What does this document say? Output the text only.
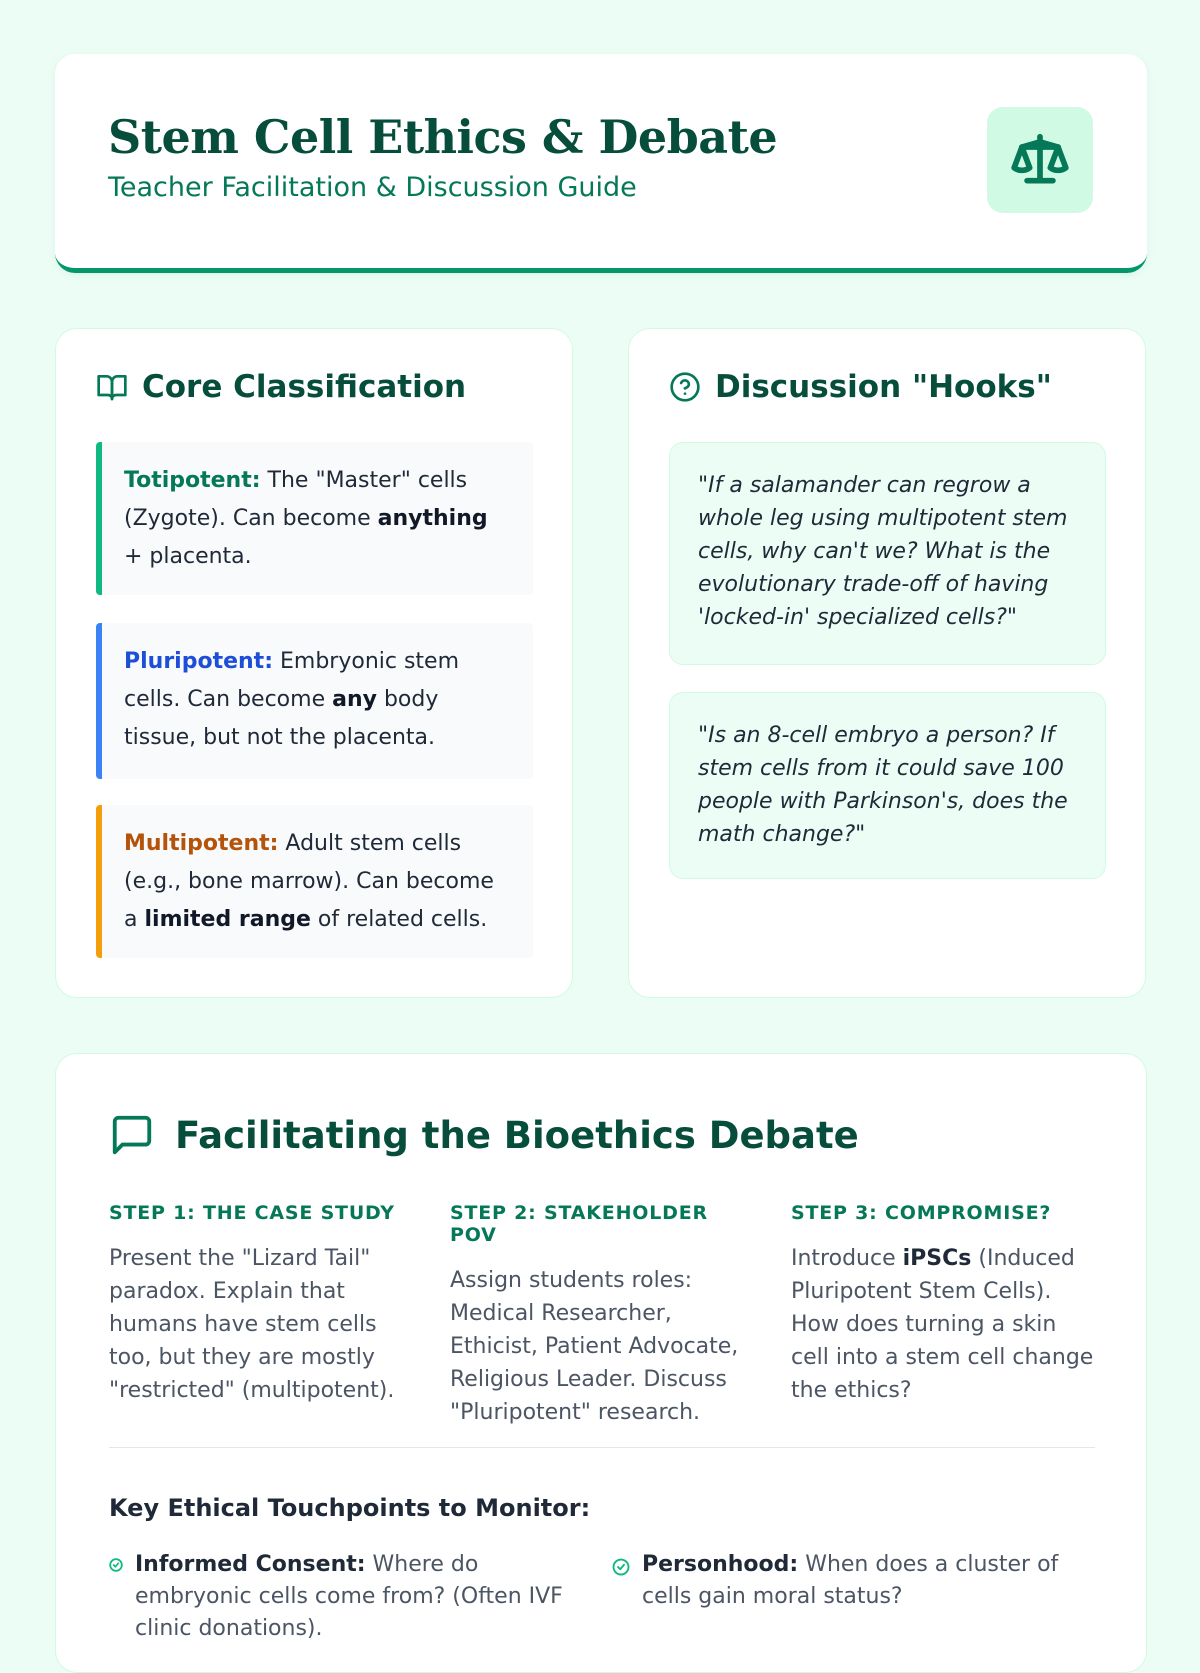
Stem Cell Ethics & Debate
Teacher Facilitation & Discussion Guide
Core Classification
Totipotent: The "Master" cells (Zygote). Can become anything + placenta.
Pluripotent: Embryonic stem cells. Can become any body tissue, but not the placenta.
Multipotent: Adult stem cells (e.g., bone marrow). Can become a limited range of related cells.
Discussion "Hooks"
"If a salamander can regrow a whole leg using multipotent stem cells, why can't we? What is the evolutionary trade-off of having 'locked-in' specialized cells?"
"Is an 8-cell embryo a person? If stem cells from it could save 100 people with Parkinson's, does the math change?"
Facilitating the Bioethics Debate
STEP 1: THE CASE STUDY
Present the "Lizard Tail" paradox. Explain that humans have stem cells too, but they are mostly "restricted" (multipotent).
STEP 2: STAKEHOLDER POV
Assign students roles: Medical Researcher, Ethicist, Patient Advocate, Religious Leader. Discuss "Pluripotent" research.
STEP 3: COMPROMISE?
Introduce iPSCs (Induced Pluripotent Stem Cells). How does turning a skin cell into a stem cell change the ethics?
Key Ethical Touchpoints to Monitor:
Informed Consent: Where do embryonic cells come from? (Often IVF clinic donations).
Personhood: When does a cluster of cells gain moral status?
